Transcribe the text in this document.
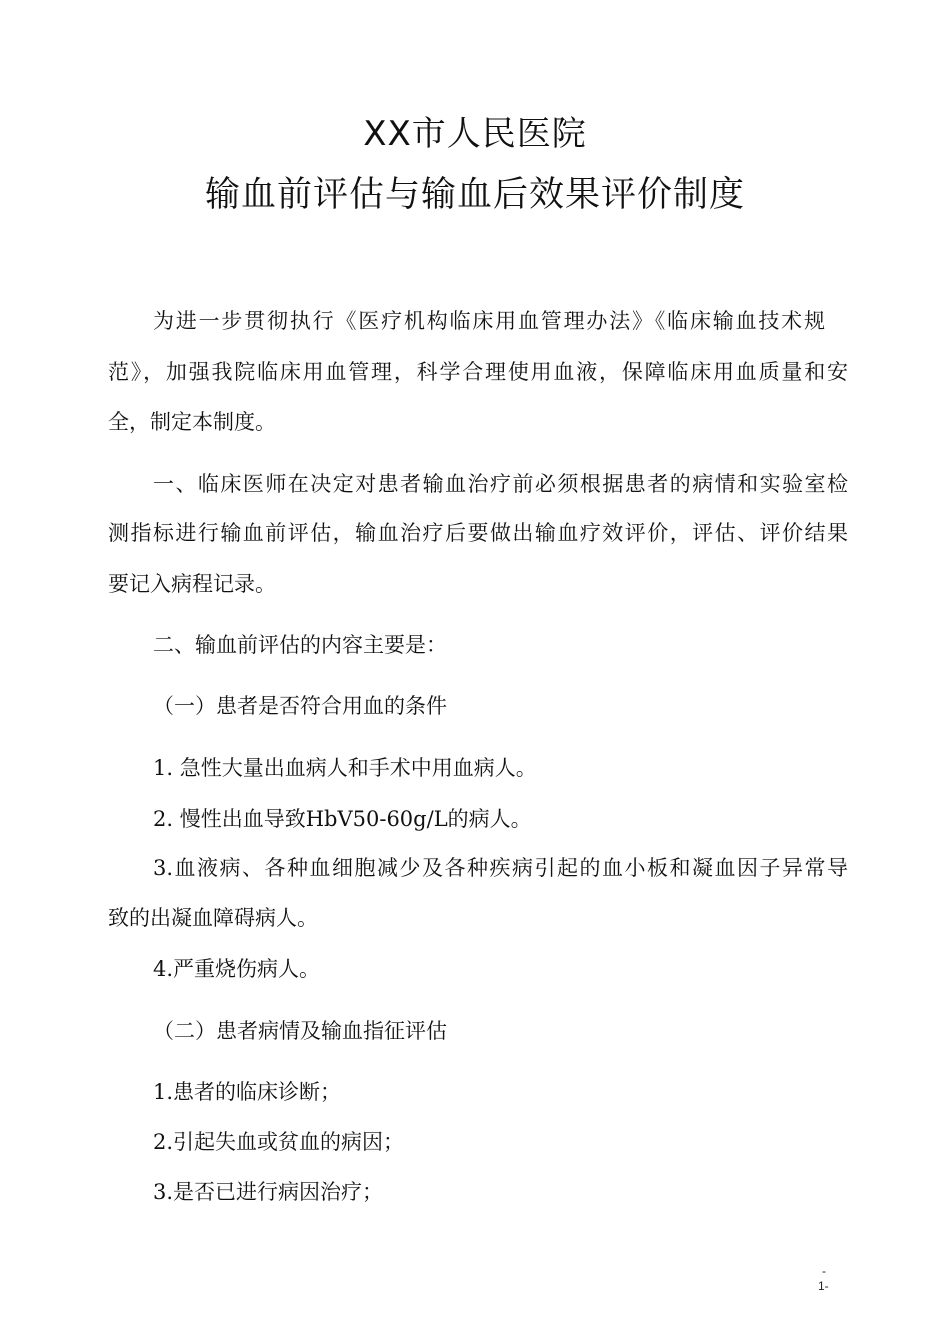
XX市人民医院
输血前评估与输血后效果评价制度
为进一步贯彻执行《医疗机构临床用血管理办法》《临床输血技术规
范》，加强我院临床用血管理，科学合理使用血液，保障临床用血质量和安
全，制定本制度。
一、临床医师在决定对患者输血治疗前必须根据患者的病情和实验室检
测指标进行输血前评估，输血治疗后要做出输血疗效评价，评估、评价结果
要记入病程记录。
二、输血前评估的内容主要是：
（一）患者是否符合用血的条件
1. 急性大量出血病人和手术中用血病人。
2. 慢性出血导致HbV50-60g/L的病人。
3.血液病、各种血细胞减少及各种疾病引起的血小板和凝血因子异常导
致的出凝血障碍病人。
4.严重烧伤病人。
（二）患者病情及输血指征评估
1.患者的临床诊断；
2.引起失血或贫血的病因；
3.是否已进行病因治疗；
-
1-
